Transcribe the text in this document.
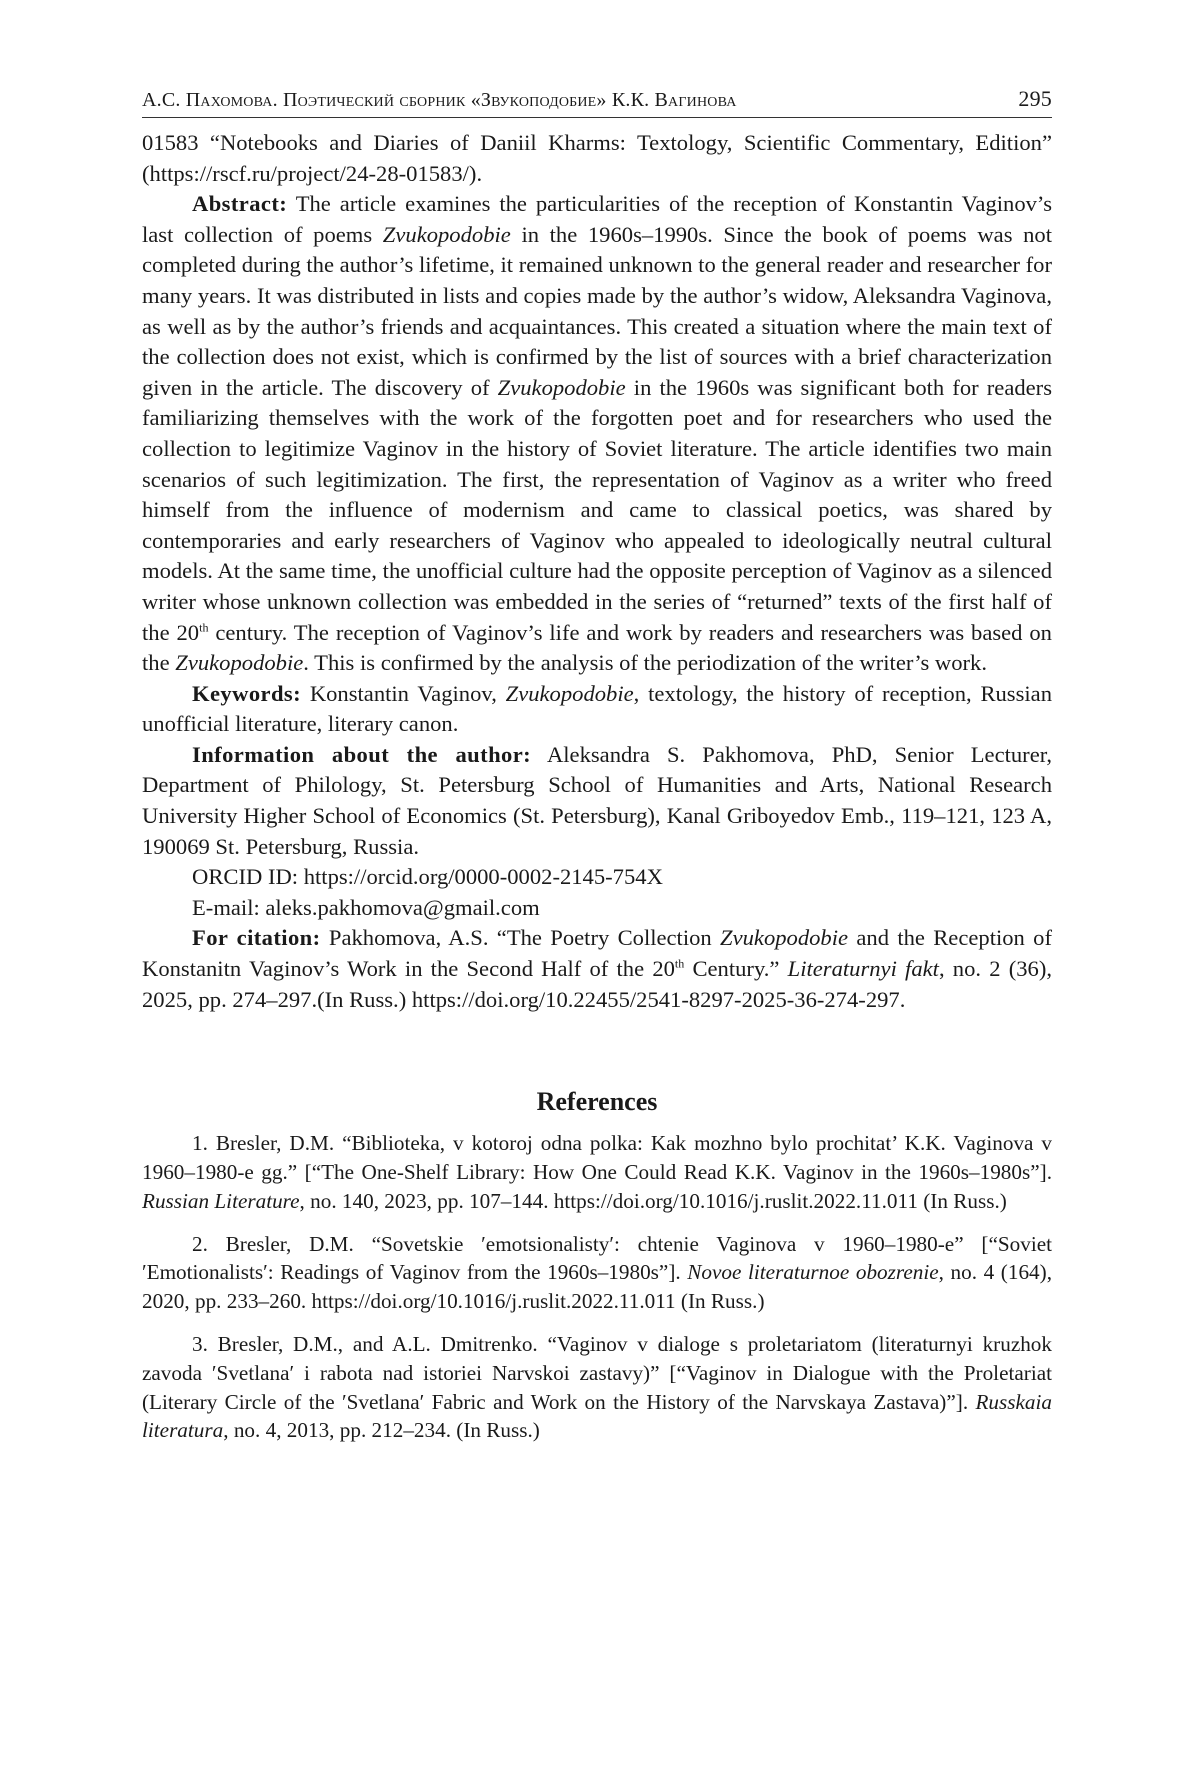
А.С. Пахомова. Поэтический сборник «Звукоподобие» К.К. Вагинова	295

01583 “Notebooks and Diaries of Daniil Kharms: Textology, Scientific Commentary, Edition” (https://rscf.ru/project/24-28-01583/).

Abstract: The article examines the particularities of the reception of Konstantin Vaginov’s last collection of poems Zvukopodobie in the 1960s–1990s. Since the book of poems was not completed during the author’s lifetime, it remained unknown to the general reader and researcher for many years. It was distributed in lists and copies made by the author’s widow, Aleksandra Vaginova, as well as by the author’s friends and acquaintances. This created a situation where the main text of the collection does not exist, which is confirmed by the list of sources with a brief characterization given in the article. The discovery of Zvukopodobie in the 1960s was significant both for readers familiarizing themselves with the work of the forgotten poet and for researchers who used the collection to legitimize Vaginov in the history of Soviet literature. The article identifies two main scenarios of such legitimization. The first, the representation of Vaginov as a writer who freed himself from the influence of modernism and came to classical poetics, was shared by contemporaries and early researchers of Vaginov who appealed to ideologically neutral cultural models. At the same time, the unofficial culture had the opposite perception of Vaginov as a silenced writer whose unknown collection was embedded in the series of “returned” texts of the first half of the 20th century. The reception of Vaginov’s life and work by readers and researchers was based on the Zvukopodobie. This is confirmed by the analysis of the periodization of the writer’s work.

Keywords: Konstantin Vaginov, Zvukopodobie, textology, the history of reception, Russian unofficial literature, literary canon.

Information about the author: Aleksandra S. Pakhomova, PhD, Senior Lecturer, Department of Philology, St. Petersburg School of Humanities and Arts, National Research University Higher School of Economics (St. Petersburg), Kanal Griboyedov Emb., 119–121, 123 A, 190069 St. Petersburg, Russia.

ORCID ID: https://orcid.org/0000-0002-2145-754X

E-mail: aleks.pakhomova@gmail.com

For citation: Pakhomova, A.S. “The Poetry Collection Zvukopodobie and the Reception of Konstanitn Vaginov’s Work in the Second Half of the 20th Century.” Literaturnyi fakt, no. 2 (36), 2025, pp. 274–297.(In Russ.) https://doi.org/10.22455/2541-8297-2025-36-274-297.

References

1. Bresler, D.M. “Biblioteka, v kotoroj odna polka: Kak mozhno bylo prochitat’ K.K. Vaginova v 1960–1980-e gg.” [“The One-Shelf Library: How One Could Read K.K. Vaginov in the 1960s–1980s”]. Russian Literature, no. 140, 2023, pp. 107–144. https://doi.org/10.1016/j.ruslit.2022.11.011 (In Russ.)

2. Bresler, D.M. “Sovetskie ʹemotsionalistyʹ: chtenie Vaginova v 1960–1980-e” [“Soviet ʹEmotionalistsʹ: Readings of Vaginov from the 1960s–1980s”]. Novoe literaturnoe obozrenie, no. 4 (164), 2020, pp. 233–260. https://doi.org/10.1016/j.ruslit.2022.11.011 (In Russ.)

3. Bresler, D.M., and A.L. Dmitrenko. “Vaginov v dialoge s proletariatom (literaturnyi kruzhok zavoda ʹSvetlanaʹ i rabota nad istoriei Narvskoi zastavy)” [“Vaginov in Dialogue with the Proletariat (Literary Circle of the ʹSvetlanaʹ Fabric and Work on the History of the Narvskaya Zastava)”]. Russkaia literatura, no. 4, 2013, pp. 212–234. (In Russ.)
